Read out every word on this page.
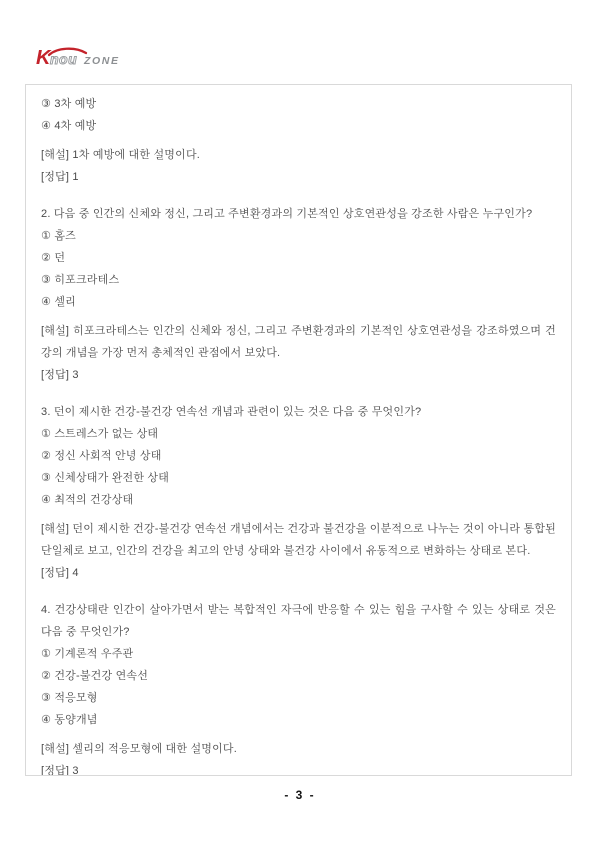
K nou ZONE
③ 3차 예방
④ 4차 예방
[해설] 1차 예방에 대한 설명이다.
[정답] 1
2. 다음 중 인간의 신체와 정신, 그리고 주변환경과의 기본적인 상호연관성을 강조한 사람은 누구인가?
① 홈즈
② 던
③ 히포크라테스
④ 셀리
[해설] 히포크라테스는 인간의 신체와 정신, 그리고 주변환경과의 기본적인 상호연관성을 강조하였으며 건강의 개념을 가장 먼저 총체적인 관점에서 보았다.
[정답] 3
3. 던이 제시한 건강-불건강 연속선 개념과 관련이 있는 것은 다음 중 무엇인가?
① 스트레스가 없는 상태
② 정신 사회적 안녕 상태
③ 신체상태가 완전한 상태
④ 최적의 건강상태
[해설] 던이 제시한 건강-불건강 연속선 개념에서는 건강과 불건강을 이분적으로 나누는 것이 아니라 통합된 단일체로 보고, 인간의 건강을 최고의 안녕 상태와 불건강 사이에서 유동적으로 변화하는 상태로 본다.
[정답] 4
4. 건강상태란 인간이 살아가면서 받는 복합적인 자극에 반응할 수 있는 힘을 구사할 수 있는 상태로 것은 다음 중 무엇인가?
① 기계론적 우주관
② 건강-불건강 연속선
③ 적응모형
④ 동양개념
[해설] 셀리의 적응모형에 대한 설명이다.
[정답] 3
- 3 -
